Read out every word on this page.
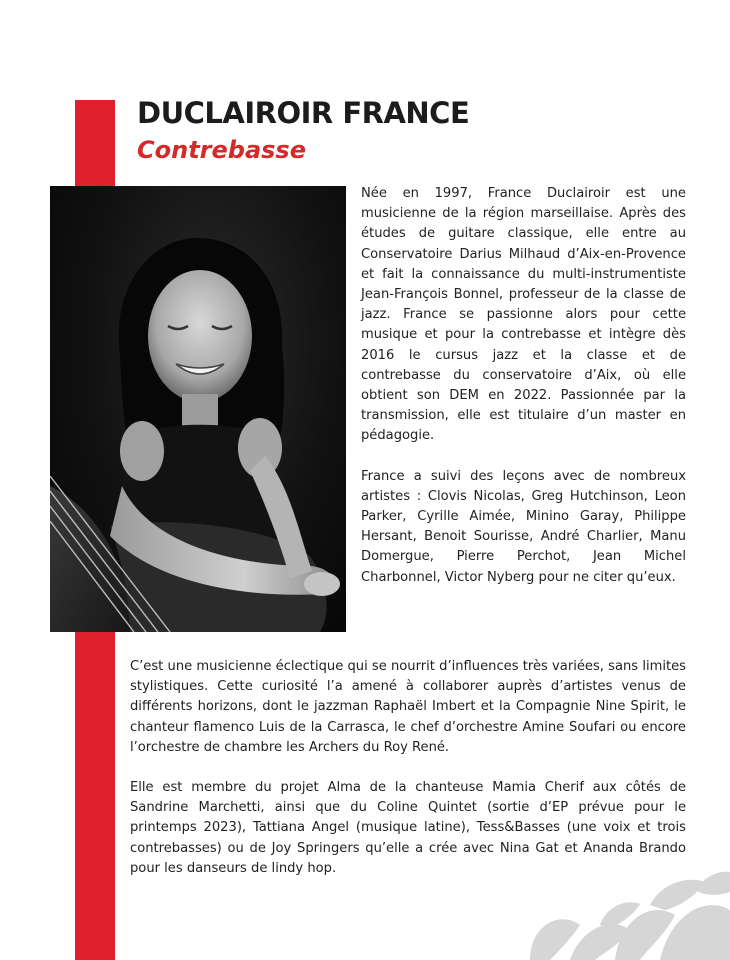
DUCLAIROIR FRANCE
Contrebasse

Née en 1997, France Duclairoir est une musicienne de la région marseillaise. Après des études de guitare classique, elle entre au Conservatoire Darius Milhaud d’Aix-en-Provence et fait la connaissance du multi-instrumentiste Jean-François Bonnel, professeur de la classe de jazz. France se passionne alors pour cette musique et pour la contrebasse et intègre dès 2016 le cursus jazz et la classe et de contrebasse du conservatoire d’Aix, où elle obtient son DEM en 2022. Passionnée par la transmission, elle est titulaire d’un master en pédagogie.

France a suivi des leçons avec de nombreux artistes : Clovis Nicolas, Greg Hutchinson, Leon Parker, Cyrille Aimée, Minino Garay, Philippe Hersant, Benoit Sourisse, André Charlier, Manu Domergue, Pierre Perchot, Jean Michel Charbonnel, Victor Nyberg pour ne citer qu’eux.

C’est une musicienne éclectique qui se nourrit d’influences très variées, sans limites stylistiques. Cette curiosité l’a amené à collaborer auprès d’artistes venus de différents horizons, dont le jazzman Raphaël Imbert et la Compagnie Nine Spirit, le chanteur flamenco Luis de la Carrasca, le chef d’orchestre Amine Soufari ou encore l’orchestre de chambre les Archers du Roy René.

Elle est membre du projet Alma de la chanteuse Mamia Cherif aux côtés de Sandrine Marchetti, ainsi que du Coline Quintet (sortie d’EP prévue pour le printemps 2023), Tattiana Angel (musique latine), Tess&Basses (une voix et trois contrebasses) ou de Joy Springers qu’elle a crée avec Nina Gat et Ananda Brando pour les danseurs de lindy hop.
